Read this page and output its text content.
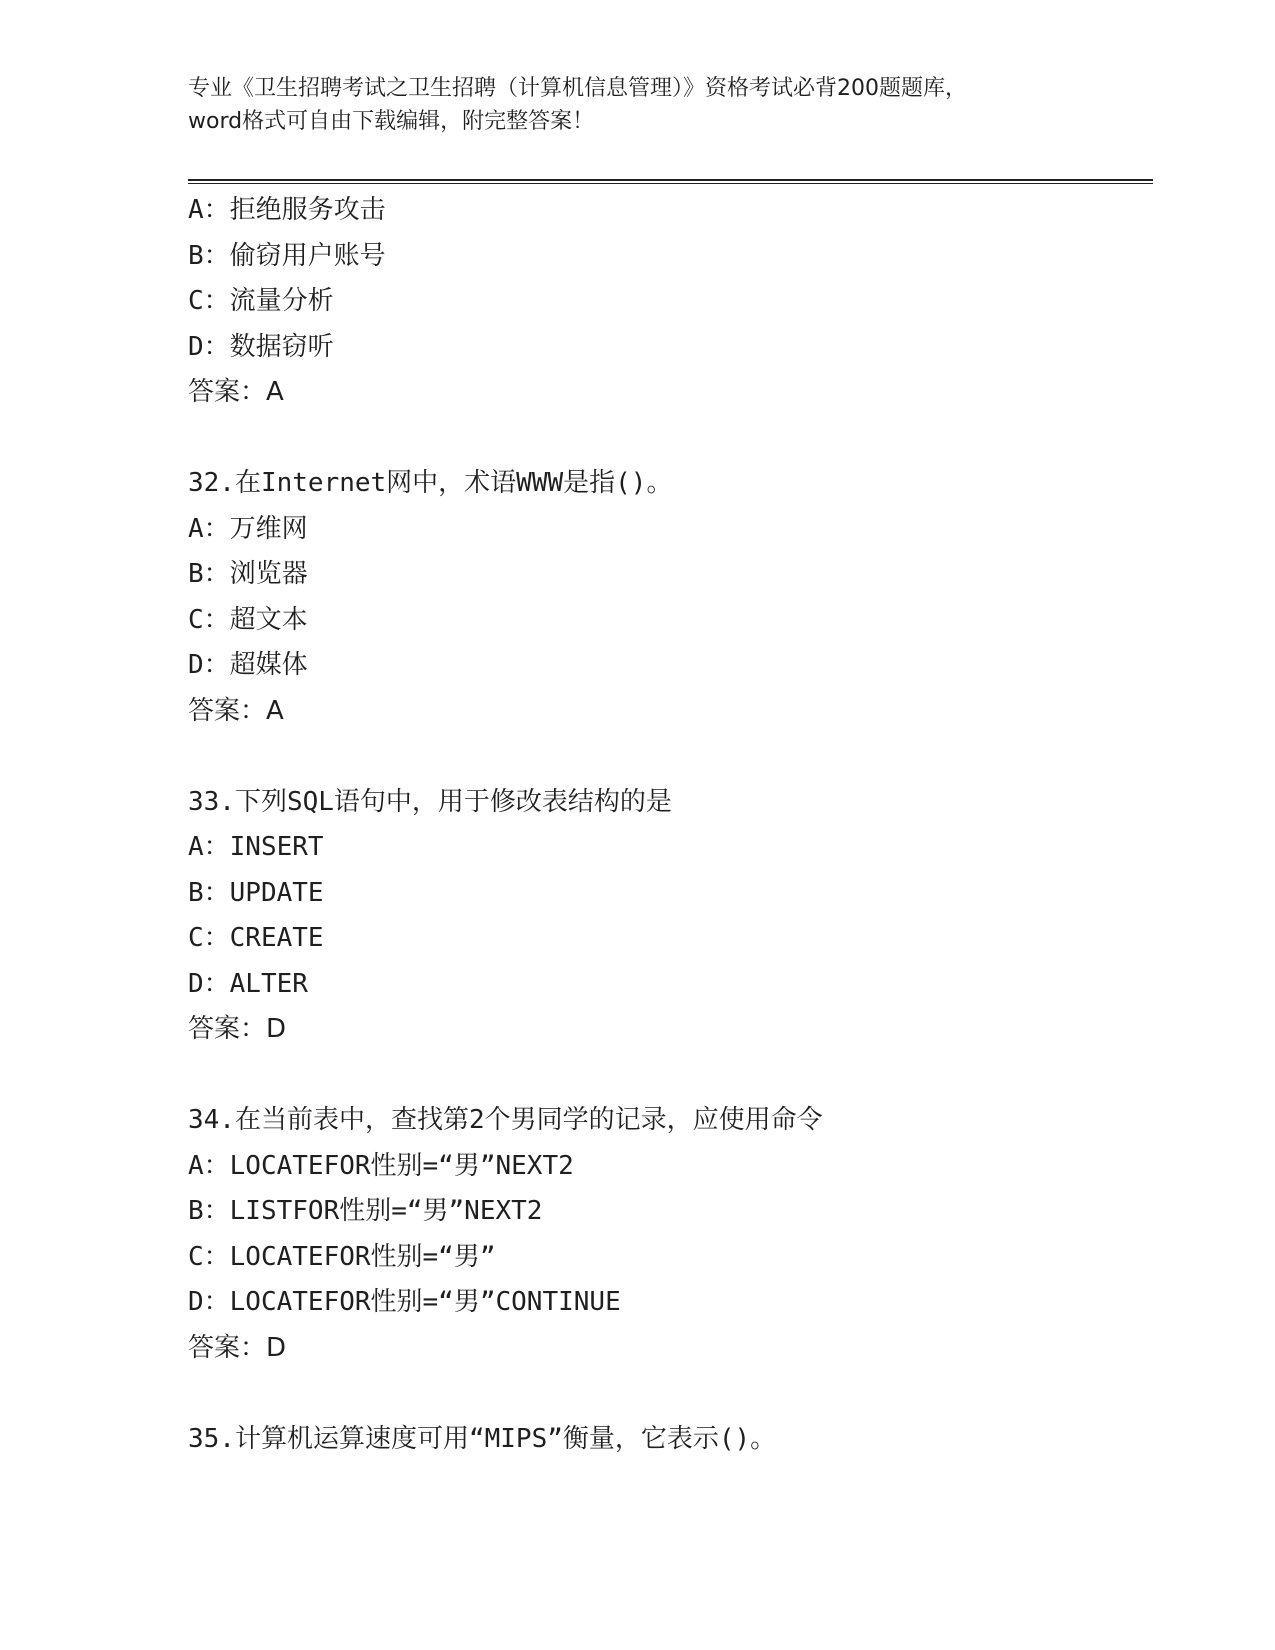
专业《卫生招聘考试之卫生招聘（计算机信息管理）》资格考试必背200题题库，
word格式可自由下载编辑，附完整答案！
A：拒绝服务攻击
B：偷窃用户账号
C：流量分析
D：数据窃听
答案：A
32.在Internet网中，术语WWW是指()。
A：万维网
B：浏览器
C：超文本
D：超媒体
答案：A
33.下列SQL语句中，用于修改表结构的是
A：INSERT
B：UPDATE
C：CREATE
D：ALTER
答案：D
34.在当前表中，查找第2个男同学的记录，应使用命令
A：LOCATEFOR性别=“男”NEXT2
B：LISTFOR性别=“男”NEXT2
C：LOCATEFOR性别=“男”
D：LOCATEFOR性别=“男”CONTINUE
答案：D
35.计算机运算速度可用“MIPS”衡量，它表示()。
